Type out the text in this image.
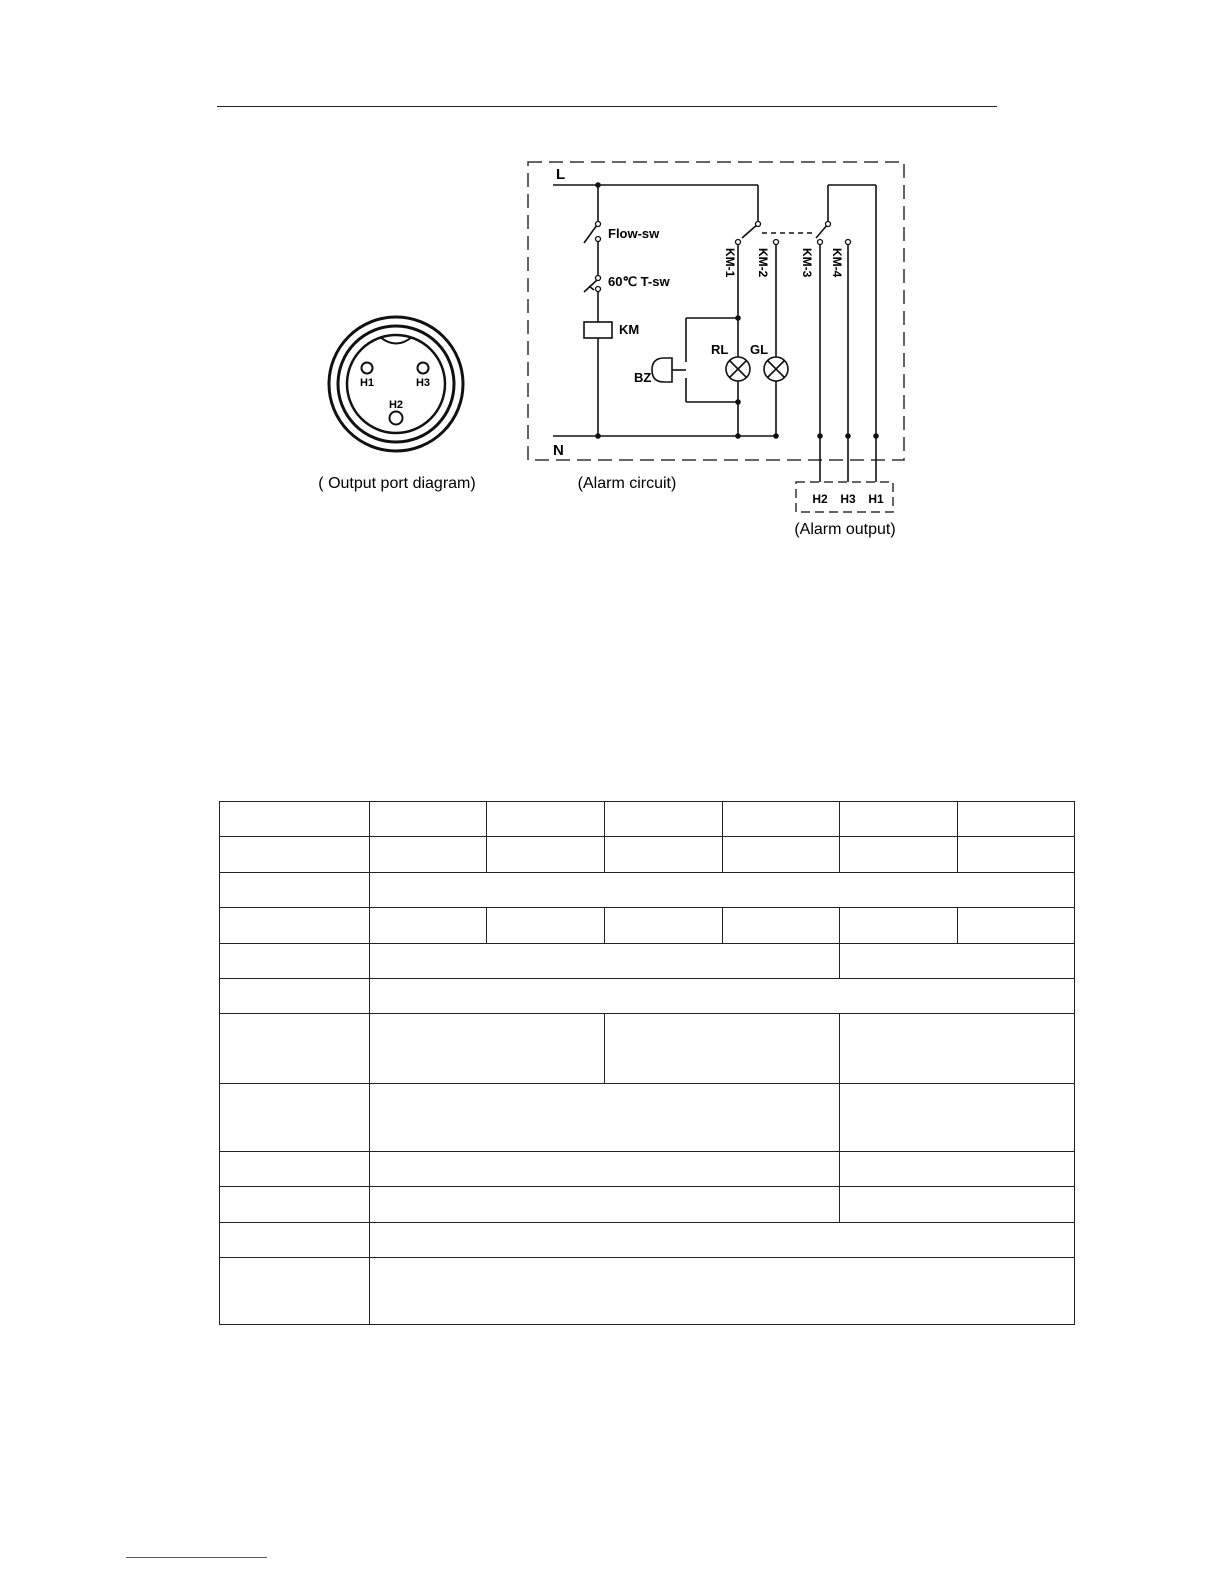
H1	H3
H2
( Output port diagram)
L
N
Flow-sw
60℃ T-sw
KM
KM-1 KM-2	KM-3 KM-4
BZ
RL GL
(Alarm circuit)
H2 H3 H1
(Alarm output)
